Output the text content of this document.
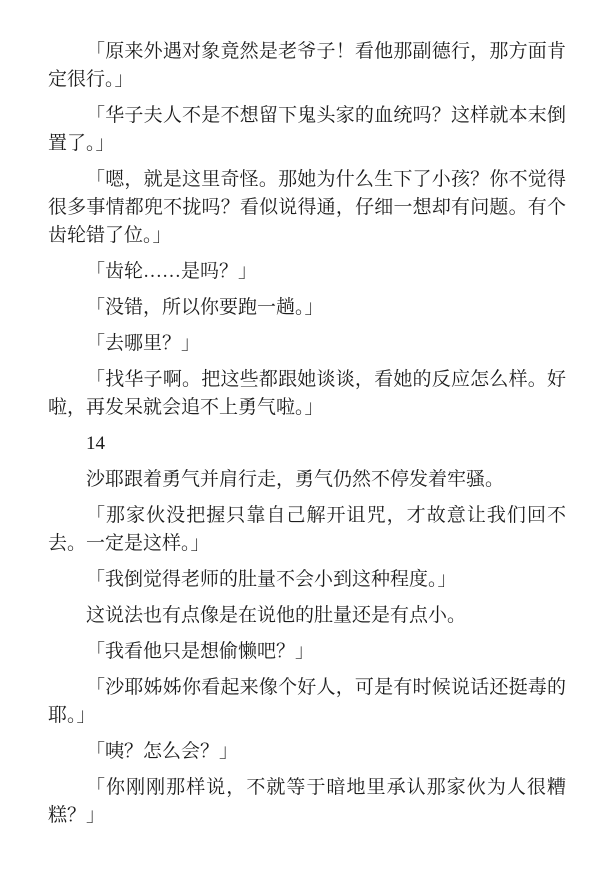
「原来外遇对象竟然是老爷子！看他那副德行，那方面肯定很行。」

「华子夫人不是不想留下鬼头家的血统吗？这样就本末倒置了。」

「嗯，就是这里奇怪。那她为什么生下了小孩？你不觉得很多事情都兜不拢吗？看似说得通，仔细一想却有问题。有个齿轮错了位。」

「齿轮……是吗？」

「没错，所以你要跑一趟。」

「去哪里？」

「找华子啊。把这些都跟她谈谈，看她的反应怎么样。好啦，再发呆就会追不上勇气啦。」

14

沙耶跟着勇气并肩行走，勇气仍然不停发着牢骚。

「那家伙没把握只靠自己解开诅咒，才故意让我们回不去。一定是这样。」

「我倒觉得老师的肚量不会小到这种程度。」

这说法也有点像是在说他的肚量还是有点小。

「我看他只是想偷懒吧？」

「沙耶姊姊你看起来像个好人，可是有时候说话还挺毒的耶。」

「咦？怎么会？」

「你刚刚那样说，不就等于暗地里承认那家伙为人很糟糕？」
